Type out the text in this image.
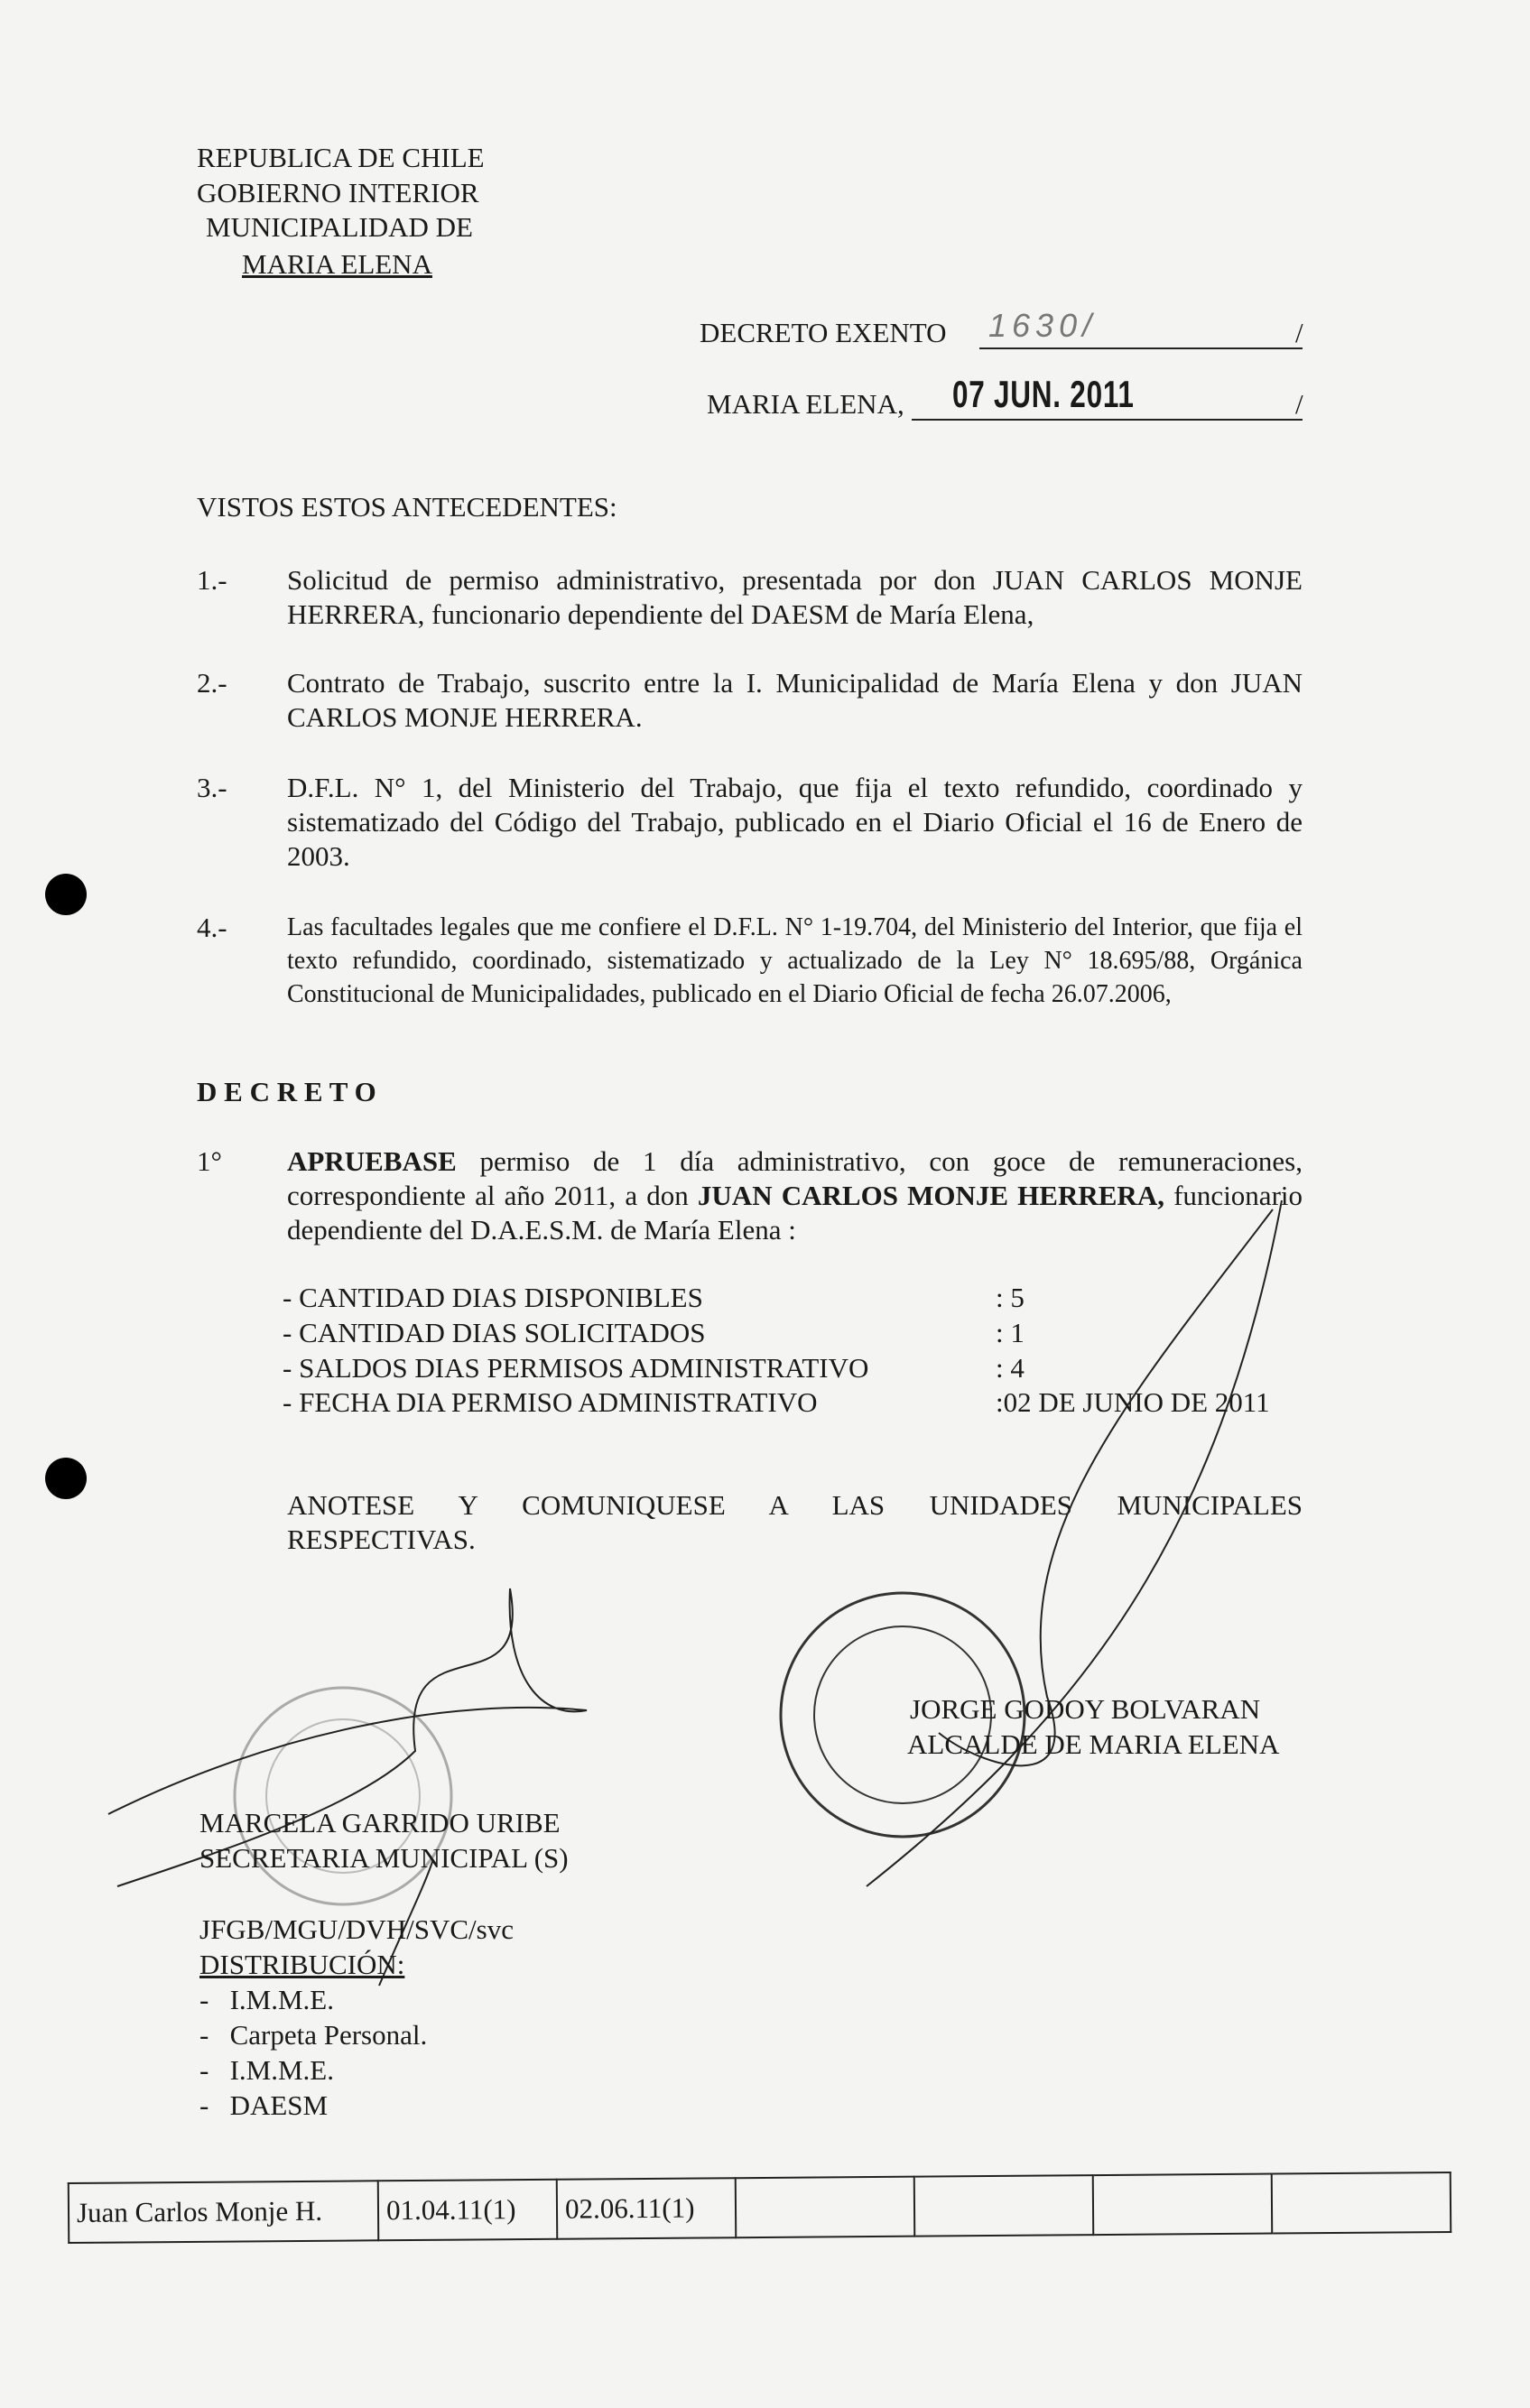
REPUBLICA DE CHILE
GOBIERNO INTERIOR
MUNICIPALIDAD DE
MARIA ELENA
DECRETO EXENTO 1630/	/
MARIA ELENA, 07 JUN. 2011	/
VISTOS ESTOS ANTECEDENTES:
1.- Solicitud de permiso administrativo, presentada por don JUAN CARLOS MONJE HERRERA, funcionario dependiente del DAESM de María Elena,
2.- Contrato de Trabajo, suscrito entre la I. Municipalidad de María Elena y don JUAN CARLOS MONJE HERRERA.
3.- D.F.L. N° 1, del Ministerio del Trabajo, que fija el texto refundido, coordinado y sistematizado del Código del Trabajo, publicado en el Diario Oficial el 16 de Enero de 2003.
4.- Las facultades legales que me confiere el D.F.L. N° 1-19.704, del Ministerio del Interior, que fija el texto refundido, coordinado, sistematizado y actualizado de la Ley N° 18.695/88, Orgánica Constitucional de Municipalidades, publicado en el Diario Oficial de fecha 26.07.2006,
D E C R E T O
1° APRUEBASE permiso de 1 día administrativo, con goce de remuneraciones, correspondiente al año 2011, a don JUAN CARLOS MONJE HERRERA, funcionario dependiente del D.A.E.S.M. de María Elena :
- CANTIDAD DIAS DISPONIBLES	: 5
- CANTIDAD DIAS SOLICITADOS	: 1
- SALDOS DIAS PERMISOS ADMINISTRATIVO	: 4
- FECHA DIA PERMISO ADMINISTRATIVO	:02 DE JUNIO DE 2011
ANOTESE Y COMUNIQUESE A LAS UNIDADES MUNICIPALES RESPECTIVAS.
JORGE GODOY BOLVARAN
ALCALDE DE MARIA ELENA
MARCELA GARRIDO URIBE
SECRETARIA MUNICIPAL (S)
JFGB/MGU/DVH/SVC/svc
DISTRIBUCIÓN:
-   I.M.M.E.
-   Carpeta Personal.
-   I.M.M.E.
-   DAESM
Juan Carlos Monje H.	01.04.11(1)	02.06.11(1)				
